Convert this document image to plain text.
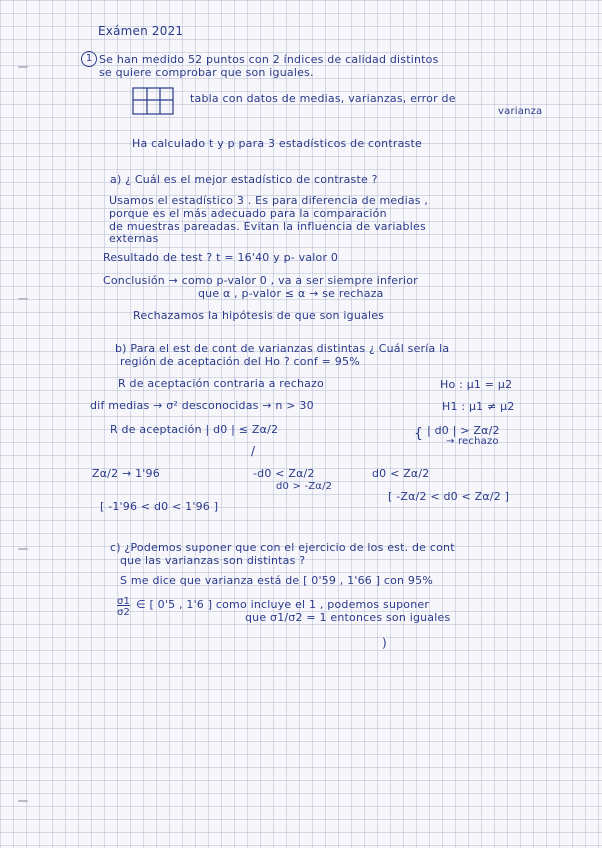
Exámen 2021
1 Se han medido 52 puntos con 2 índices de calidad distintos
se quiere comprobar que son iguales.
tabla con datos de medias, varianzas, error de
varianza
Ha calculado t y p para 3 estadísticos de contraste
a) ¿ Cuál es el mejor estadístico de contraste ?
Usamos el estadístico 3 . Es para diferencia de medias ,
porque es el más adecuado para la comparación
de muestras pareadas. Evitan la influencia de variables
externas
Resultado de test ? t = 16'40 y p- valor 0
Conclusión → como p-valor 0 , va a ser siempre inferior
que α , p-valor ≤ α → se rechaza
Rechazamos la hipótesis de que son iguales
b) Para el est de cont de varianzas distintas ¿ Cuál sería la
región de aceptación del Ho ? conf = 95%
R de aceptación contraria a rechazo	Ho : μ1 = μ2
dif medias → σ² desconocidas → n > 30	H1 : μ1 ≠ μ2
R de aceptación | d0 | ≤ Zα/2	| d0 | > Zα/2
→ rechazo
{
/
Zα/2 → 1'96	-d0 < Zα/2	d0 < Zα/2
d0 > -Zα/2
[ -1'96 < d0 < 1'96 ]
[ -Zα/2 < d0 < Zα/2 ]
c) ¿Podemos suponer que con el ejercicio de los est. de cont
que las varianzas son distintas ?
S me dice que varianza está de [ 0'59 , 1'66 ] con 95%
σ1
σ2
∈ [ 0'5 , 1'6 ] como incluye el 1 , podemos suponer
que σ1/σ2 = 1 entonces son iguales
)
